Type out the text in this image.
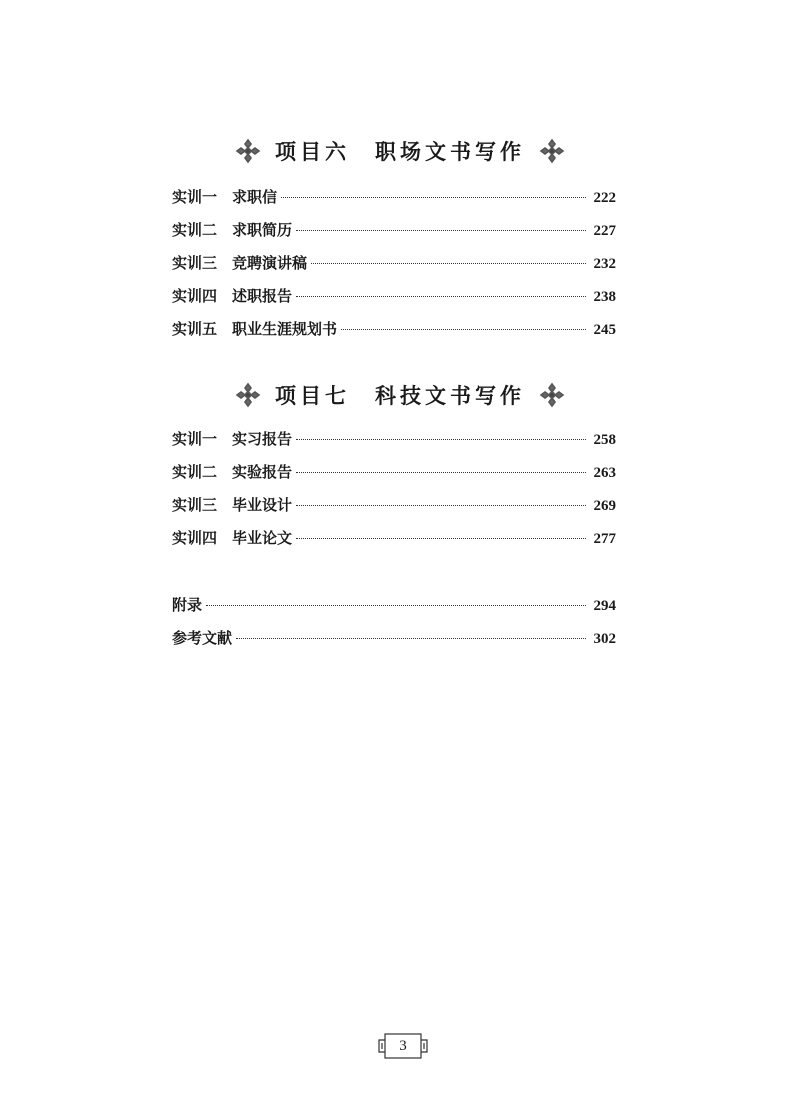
项目六　职场文书写作
实训一　求职信	222
实训二　求职简历	227
实训三　竞聘演讲稿	232
实训四　述职报告	238
实训五　职业生涯规划书	245
项目七　科技文书写作
实训一　实习报告	258
实训二　实验报告	263
实训三　毕业设计	269
实训四　毕业论文	277
附录	294
参考文献	302
3
